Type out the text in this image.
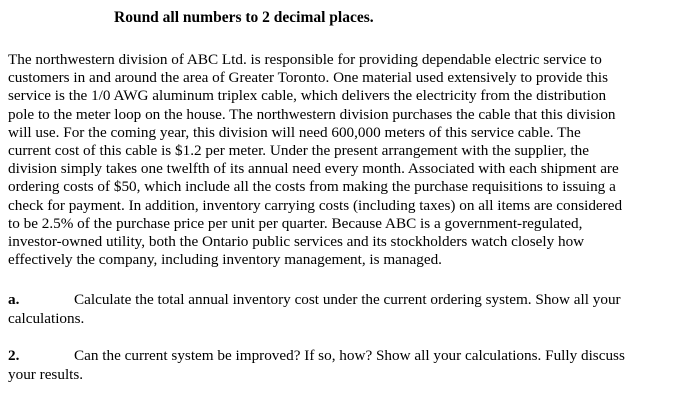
Round all numbers to 2 decimal places.
The northwestern division of ABC Ltd. is responsible for providing dependable electric service to
customers in and around the area of Greater Toronto. One material used extensively to provide this
service is the 1/0 AWG aluminum triplex cable, which delivers the electricity from the distribution
pole to the meter loop on the house. The northwestern division purchases the cable that this division
will use. For the coming year, this division will need 600,000 meters of this service cable. The
current cost of this cable is $1.2 per meter. Under the present arrangement with the supplier, the
division simply takes one twelfth of its annual need every month. Associated with each shipment are
ordering costs of $50, which include all the costs from making the purchase requisitions to issuing a
check for payment. In addition, inventory carrying costs (including taxes) on all items are considered
to be 2.5% of the purchase price per unit per quarter. Because ABC is a government-regulated,
investor-owned utility, both the Ontario public services and its stockholders watch closely how
effectively the company, including inventory management, is managed.
a.	Calculate the total annual inventory cost under the current ordering system. Show all your
calculations.
2.	Can the current system be improved? If so, how? Show all your calculations. Fully discuss
your results.
